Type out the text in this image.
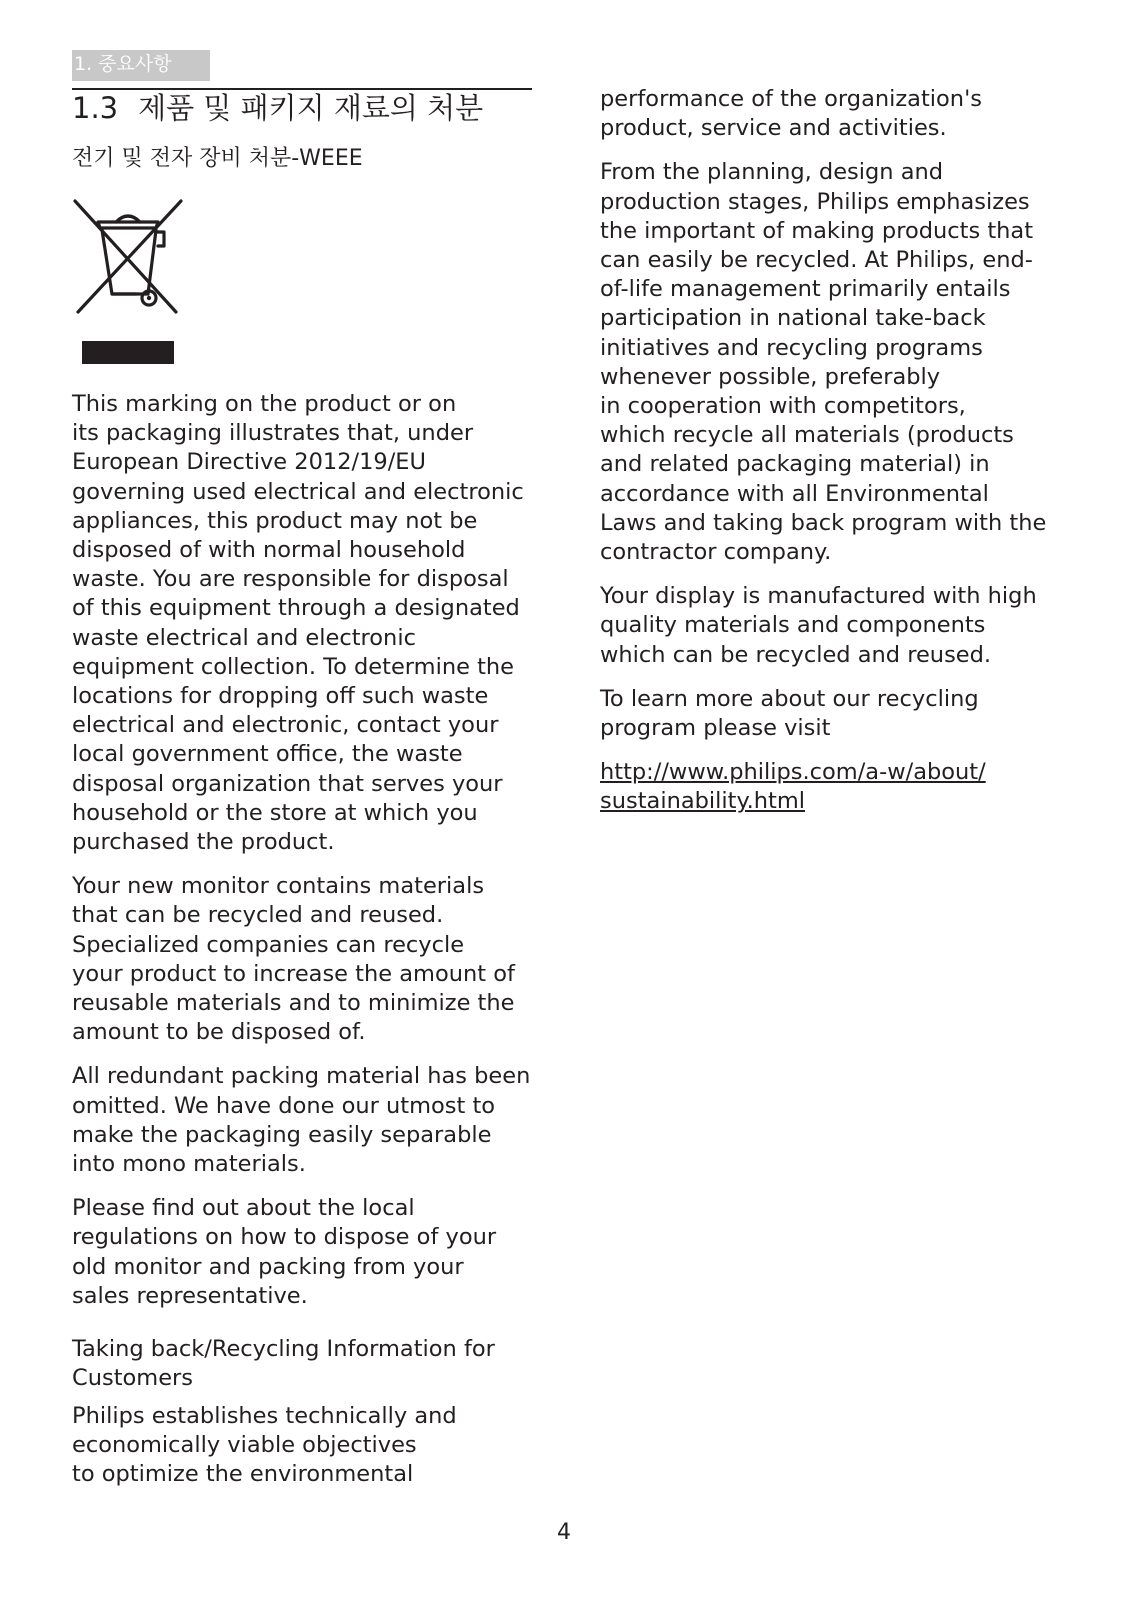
1. 중요사항
1.3 제품 및 패키지 재료의 처분
전기 및 전자 장비 처분-WEEE

This marking on the product or on
its packaging illustrates that, under
European Directive 2012/19/EU
governing used electrical and electronic
appliances, this product may not be
disposed of with normal household
waste. You are responsible for disposal
of this equipment through a designated
waste electrical and electronic
equipment collection. To determine the
locations for dropping off such waste
electrical and electronic, contact your
local government office, the waste
disposal organization that serves your
household or the store at which you
purchased the product.

Your new monitor contains materials
that can be recycled and reused.
Specialized companies can recycle
your product to increase the amount of
reusable materials and to minimize the
amount to be disposed of.

All redundant packing material has been
omitted. We have done our utmost to
make the packaging easily separable
into mono materials.

Please find out about the local
regulations on how to dispose of your
old monitor and packing from your
sales representative.

Taking back/Recycling Information for
Customers

Philips establishes technically and
economically viable objectives
to optimize the environmental

performance of the organization's
product, service and activities.

From the planning, design and
production stages, Philips emphasizes
the important of making products that
can easily be recycled. At Philips, end-
of-life management primarily entails
participation in national take-back
initiatives and recycling programs
whenever possible, preferably
in cooperation with competitors,
which recycle all materials (products
and related packaging material) in
accordance with all Environmental
Laws and taking back program with the
contractor company.

Your display is manufactured with high
quality materials and components
which can be recycled and reused.

To learn more about our recycling
program please visit

http://www.philips.com/a-w/about/
sustainability.html

4
